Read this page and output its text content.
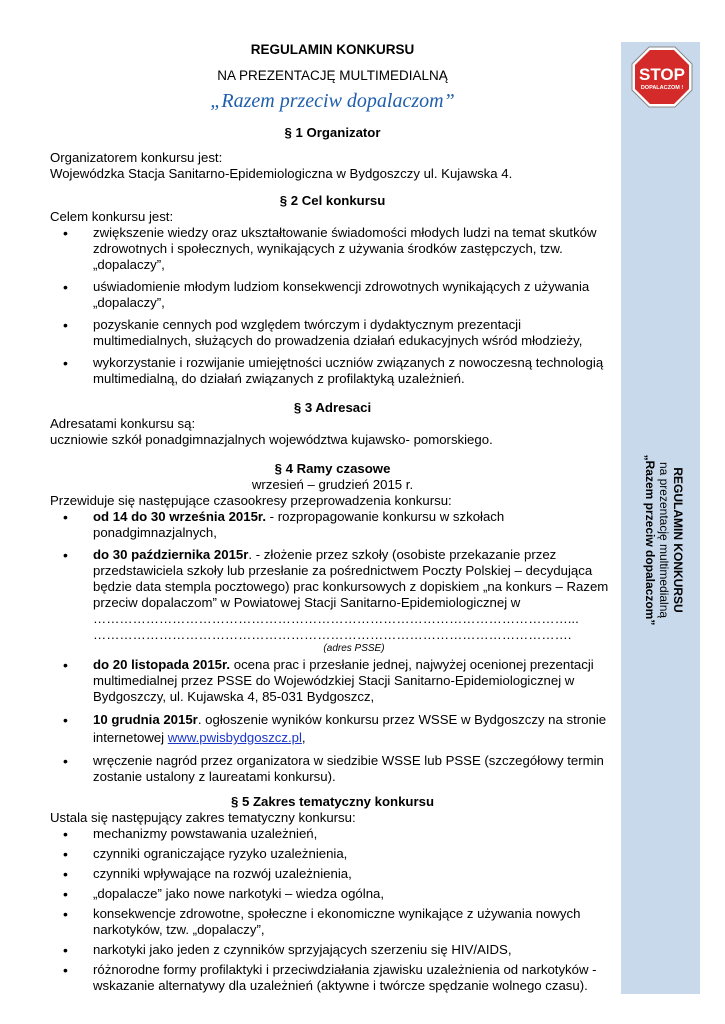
STOP
DOPALACZOM !
REGULAMIN KONKURSU
na prezentację multimedialną
„Razem przeciw dopalaczom”
REGULAMIN KONKURSU
NA PREZENTACJĘ MULTIMEDIALNĄ
„Razem przeciw dopalaczom”
§ 1 Organizator
Organizatorem konkursu jest:
Wojewódzka Stacja Sanitarno-Epidemiologiczna w Bydgoszczy ul. Kujawska 4.
§ 2 Cel konkursu
Celem konkursu jest:
• zwiększenie wiedzy oraz ukształtowanie świadomości młodych ludzi na temat skutków zdrowotnych i społecznych, wynikających z używania środków zastępczych, tzw. „dopalaczy”,
• uświadomienie młodym ludziom konsekwencji zdrowotnych wynikających z używania „dopalaczy”,
• pozyskanie cennych pod względem twórczym i dydaktycznym prezentacji multimedialnych, służących do prowadzenia działań edukacyjnych wśród młodzieży,
• wykorzystanie i rozwijanie umiejętności uczniów związanych z nowoczesną technologią multimedialną, do działań związanych z profilaktyką uzależnień.
§ 3 Adresaci
Adresatami konkursu są:
uczniowie szkół ponadgimnazjalnych województwa kujawsko- pomorskiego.
§ 4 Ramy czasowe
wrzesień – grudzień 2015 r.
Przewiduje się następujące czasookresy przeprowadzenia konkursu:
• od 14 do 30 września 2015r. - rozpropagowanie konkursu w szkołach ponadgimnazjalnych,
• do 30 października 2015r. - złożenie przez szkoły (osobiste przekazanie przez przedstawiciela szkoły lub przesłanie za pośrednictwem Poczty Polskiej – decydująca będzie data stempla pocztowego) prac konkursowych z dopiskiem „na konkurs – Razem przeciw dopalaczom” w Powiatowej Stacji Sanitarno-Epidemiologicznej w
………………………………………………………………………………………………...
……………………………………………………………………………………………….
(adres PSSE)
• do 20 listopada 2015r. ocena prac i przesłanie jednej, najwyżej ocenionej prezentacji multimedialnej przez PSSE do Wojewódzkiej Stacji Sanitarno-Epidemiologicznej w Bydgoszczy, ul. Kujawska 4, 85-031 Bydgoszcz,
• 10 grudnia 2015r. ogłoszenie wyników konkursu przez WSSE w Bydgoszczy na stronie internetowej www.pwisbydgoszcz.pl,
• wręczenie nagród przez organizatora w siedzibie WSSE lub PSSE (szczegółowy termin zostanie ustalony z laureatami konkursu).
§ 5 Zakres tematyczny konkursu
Ustala się następujący zakres tematyczny konkursu:
• mechanizmy powstawania uzależnień,
• czynniki ograniczające ryzyko uzależnienia,
• czynniki wpływające na rozwój uzależnienia,
• „dopalacze” jako nowe narkotyki – wiedza ogólna,
• konsekwencje zdrowotne, społeczne i ekonomiczne wynikające z używania nowych narkotyków, tzw. „dopalaczy”,
• narkotyki jako jeden z czynników sprzyjających szerzeniu się HIV/AIDS,
• różnorodne formy profilaktyki i przeciwdziałania zjawisku uzależnienia od narkotyków - wskazanie alternatywy dla uzależnień (aktywne i twórcze spędzanie wolnego czasu).
